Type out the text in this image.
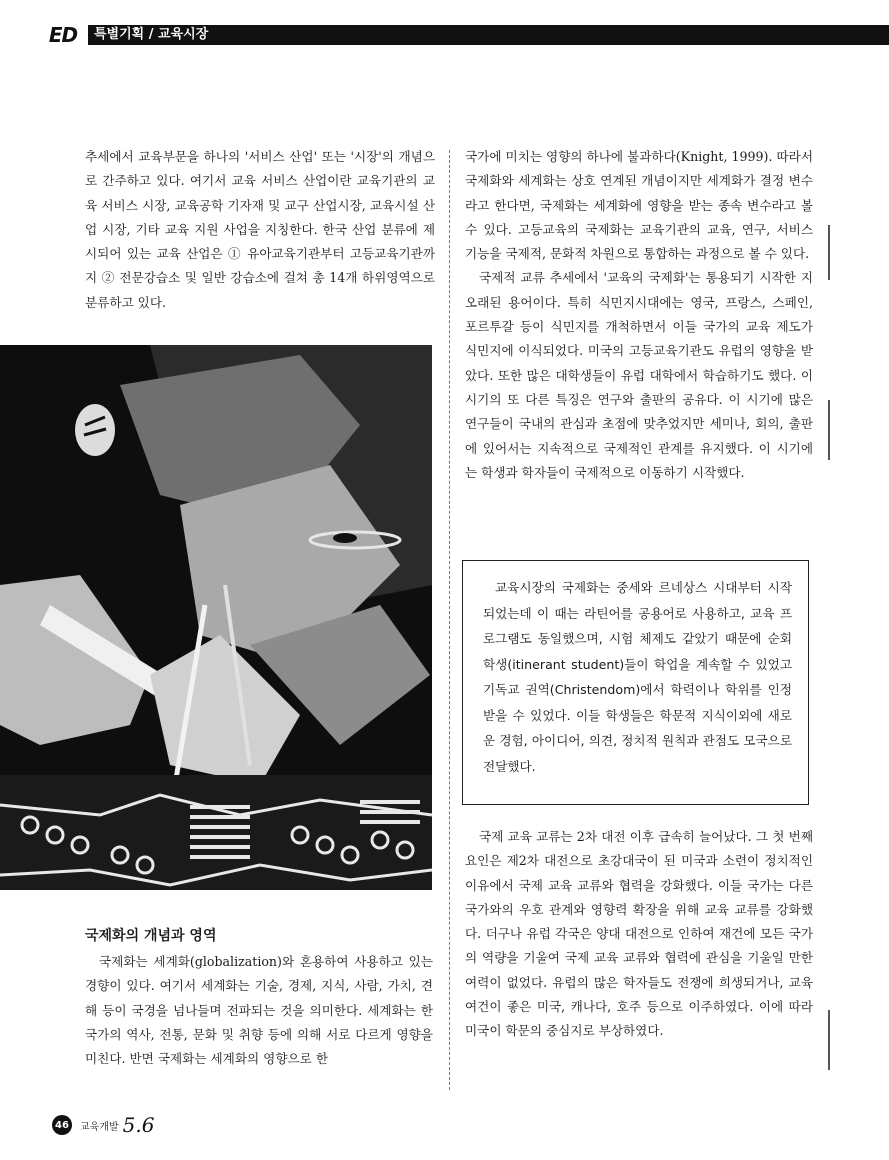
ED	특별기획 / 교육시장

추세에서 교육부문을 하나의 '서비스 산업' 또는 '시장'의 개념으로 간주하고 있다. 여기서 교육 서비스 산업이란 교육기관의 교육 서비스 시장, 교육공학 기자재 및 교구 산업시장, 교육시설 산업 시장, 기타 교육 지원 사업을 지칭한다. 한국 산업 분류에 제시되어 있는 교육 산업은 ① 유아교육기관부터 고등교육기관까지 ② 전문강습소 및 일반 강습소에 걸쳐 총 14개 하위영역으로 분류하고 있다.

국제화의 개념과 영역

국제화는 세계화(globalization)와 혼용하여 사용하고 있는 경향이 있다. 여기서 세계화는 기술, 경제, 지식, 사람, 가치, 견해 등이 국경을 넘나들며 전파되는 것을 의미한다. 세계화는 한 국가의 역사, 전통, 문화 및 취향 등에 의해 서로 다르게 영향을 미친다. 반면 국제화는 세계화의 영향으로 한

국가에 미치는 영향의 하나에 불과하다(Knight, 1999). 따라서 국제화와 세계화는 상호 연계된 개념이지만 세계화가 결정 변수라고 한다면, 국제화는 세계화에 영향을 받는 종속 변수라고 볼 수 있다. 고등교육의 국제화는 교육기관의 교육, 연구, 서비스 기능을 국제적, 문화적 차원으로 통합하는 과정으로 볼 수 있다.

국제적 교류 추세에서 '교육의 국제화'는 통용되기 시작한 지 오래된 용어이다. 특히 식민지시대에는 영국, 프랑스, 스페인, 포르투갈 등이 식민지를 개척하면서 이들 국가의 교육 제도가 식민지에 이식되었다. 미국의 고등교육기관도 유럽의 영향을 받았다. 또한 많은 대학생들이 유럽 대학에서 학습하기도 했다. 이 시기의 또 다른 특징은 연구와 출판의 공유다. 이 시기에 많은 연구들이 국내의 관심과 초점에 맞추었지만 세미나, 회의, 출판에 있어서는 지속적으로 국제적인 관계를 유지했다. 이 시기에는 학생과 학자들이 국제적으로 이동하기 시작했다.

교육시장의 국제화는 중세와 르네상스 시대부터 시작되었는데 이 때는 라틴어를 공용어로 사용하고, 교육 프로그램도 동일했으며, 시험 체제도 같았기 때문에 순회 학생(itinerant student)들이 학업을 계속할 수 있었고 기독교 권역(Christendom)에서 학력이나 학위를 인정받을 수 있었다. 이들 학생들은 학문적 지식이외에 새로운 경험, 아이디어, 의견, 정치적 원칙과 관점도 모국으로 전달했다.

국제 교육 교류는 2차 대전 이후 급속히 늘어났다. 그 첫 번째 요인은 제2차 대전으로 초강대국이 된 미국과 소련이 정치적인 이유에서 국제 교육 교류와 협력을 강화했다. 이들 국가는 다른 국가와의 우호 관계와 영향력 확장을 위해 교육 교류를 강화했다. 더구나 유럽 각국은 양대 대전으로 인하여 재건에 모든 국가의 역량을 기울여 국제 교육 교류와 협력에 관심을 기울일 만한 여력이 없었다. 유럽의 많은 학자들도 전쟁에 희생되거나, 교육 여건이 좋은 미국, 캐나다, 호주 등으로 이주하였다. 이에 따라 미국이 학문의 중심지로 부상하였다.

46	교육개발 5.6
